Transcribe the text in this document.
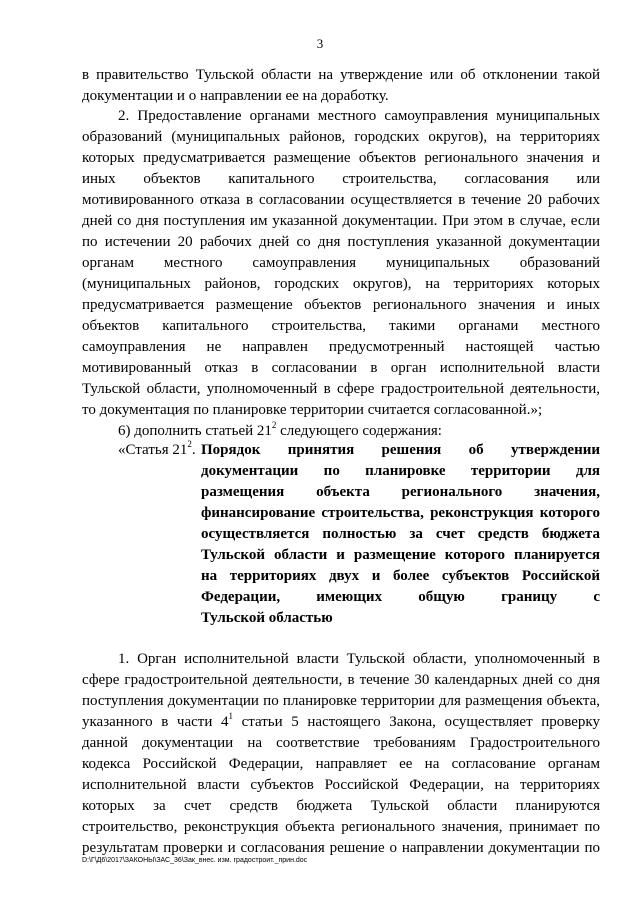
3
в правительство Тульской области на утверждение или об отклонении такой
документации и о направлении ее на доработку.
2. Предоставление органами местного самоуправления муниципальных
образований (муниципальных районов, городских округов), на территориях
которых предусматривается размещение объектов регионального значения и
иных объектов капитального строительства, согласования или
мотивированного отказа в согласовании осуществляется в течение 20 рабочих
дней со дня поступления им указанной документации. При этом в случае, если
по истечении 20 рабочих дней со дня поступления указанной документации
органам местного самоуправления муниципальных образований
(муниципальных районов, городских округов), на территориях которых
предусматривается размещение объектов регионального значения и иных
объектов капитального строительства, такими органами местного
самоуправления не направлен предусмотренный настоящей частью
мотивированный отказ в согласовании в орган исполнительной власти
Тульской области, уполномоченный в сфере градостроительной деятельности,
то документация по планировке территории считается согласованной.»;
6) дополнить статьей $21^2$ следующего содержания:
«Статья $21^2$. Порядок принятия решения об утверждении
документации по планировке территории для
размещения объекта регионального значения,
финансирование строительства, реконструкция которого
осуществляется полностью за счет средств бюджета
Тульской области и размещение которого планируется
на территориях двух и более субъектов Российской
Федерации, имеющих общую границу с
Тульской областью
1. Орган исполнительной власти Тульской области, уполномоченный в
сфере градостроительной деятельности, в течение 30 календарных дней со дня
поступления документации по планировке территории для размещения объекта,
указанного в части $4^1$ статьи 5 настоящего Закона, осуществляет проверку
данной документации на соответствие требованиям Градостроительного
кодекса Российской Федерации, направляет ее на согласование органам
исполнительной власти субъектов Российской Федерации, на территориях
которых за счет средств бюджета Тульской области планируются
строительство, реконструкция объекта регионального значения, принимает по
результатам проверки и согласования решение о направлении документации по
D:\Г\Д6\2017\ЗАКОНЫ\ЗАС_36\Зак_внес. изм. градостроит._прин.doc
